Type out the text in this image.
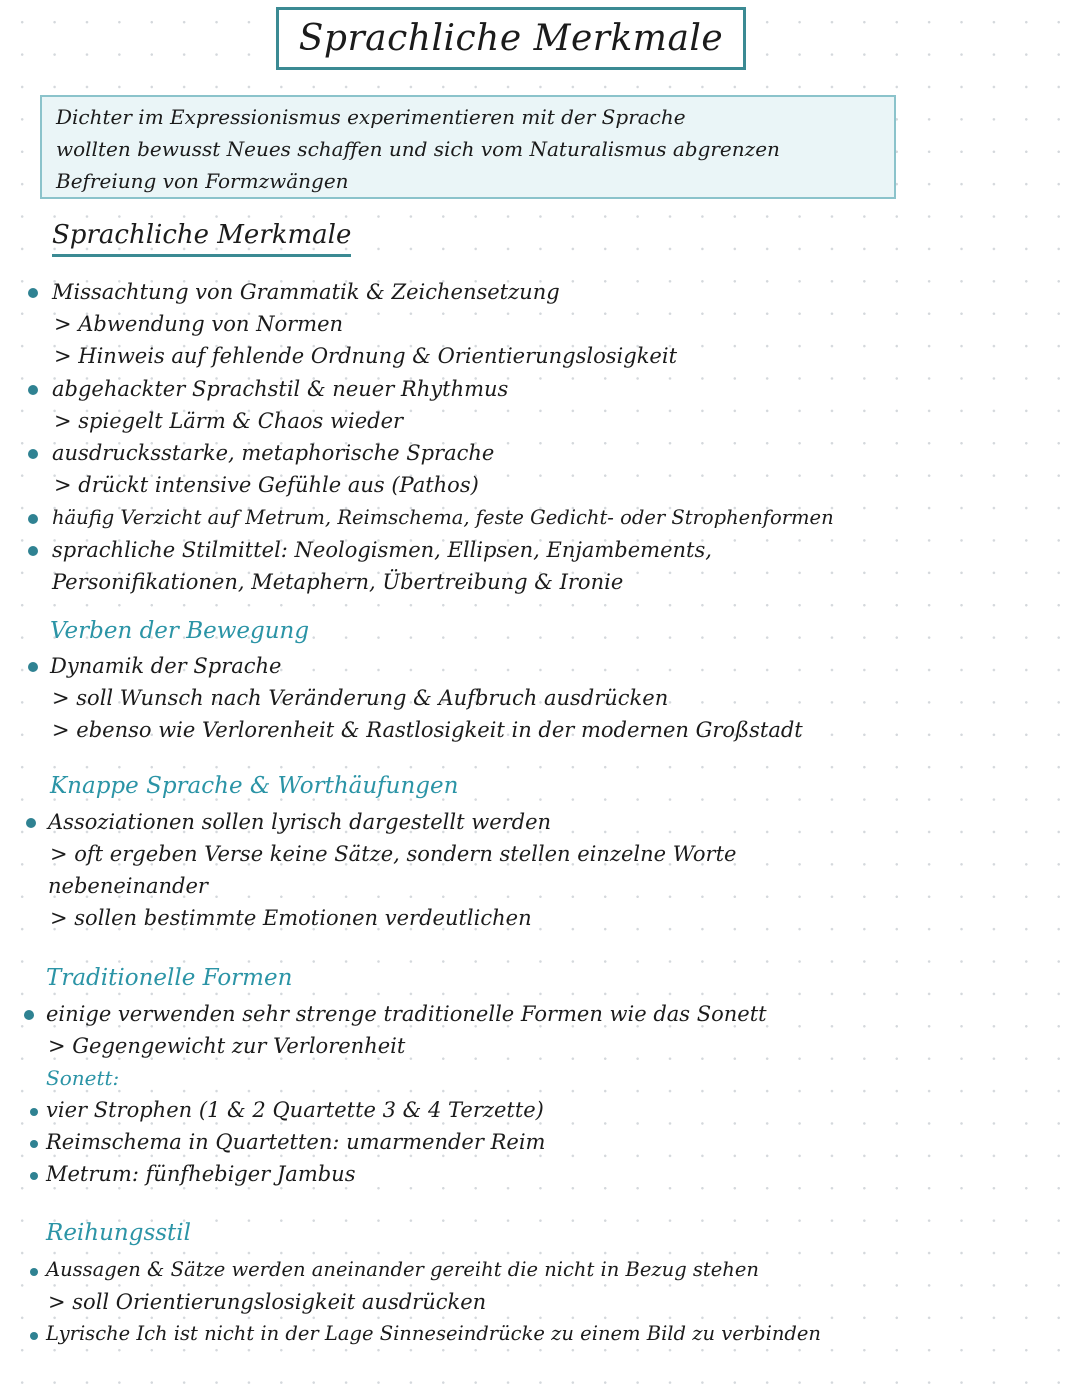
Sprachliche Merkmale
Dichter im Expressionismus experimentieren mit der Sprache
wollten bewusst Neues schaffen und sich vom Naturalismus abgrenzen
Befreiung von Formzwängen
Sprachliche Merkmale
Missachtung von Grammatik & Zeichensetzung
> Abwendung von Normen
> Hinweis auf fehlende Ordnung & Orientierungslosigkeit
abgehackter Sprachstil & neuer Rhythmus
> spiegelt Lärm & Chaos wieder
ausdrucksstarke, metaphorische Sprache
> drückt intensive Gefühle aus (Pathos)
häufig Verzicht auf Metrum, Reimschema, feste Gedicht- oder Strophenformen
sprachliche Stilmittel: Neologismen, Ellipsen, Enjambements,
Personifikationen, Metaphern, Übertreibung & Ironie
Verben der Bewegung
Dynamik der Sprache
> soll Wunsch nach Veränderung & Aufbruch ausdrücken
> ebenso wie Verlorenheit & Rastlosigkeit in der modernen Großstadt
Knappe Sprache & Worthäufungen
Assoziationen sollen lyrisch dargestellt werden
> oft ergeben Verse keine Sätze, sondern stellen einzelne Worte
nebeneinander
> sollen bestimmte Emotionen verdeutlichen
Traditionelle Formen
einige verwenden sehr strenge traditionelle Formen wie das Sonett
> Gegengewicht zur Verlorenheit
Sonett:
vier Strophen (1 & 2 Quartette 3 & 4 Terzette)
Reimschema in Quartetten: umarmender Reim
Metrum: fünfhebiger Jambus
Reihungsstil
Aussagen & Sätze werden aneinander gereiht die nicht in Bezug stehen
> soll Orientierungslosigkeit ausdrücken
Lyrische Ich ist nicht in der Lage Sinneseindrücke zu einem Bild zu verbinden
